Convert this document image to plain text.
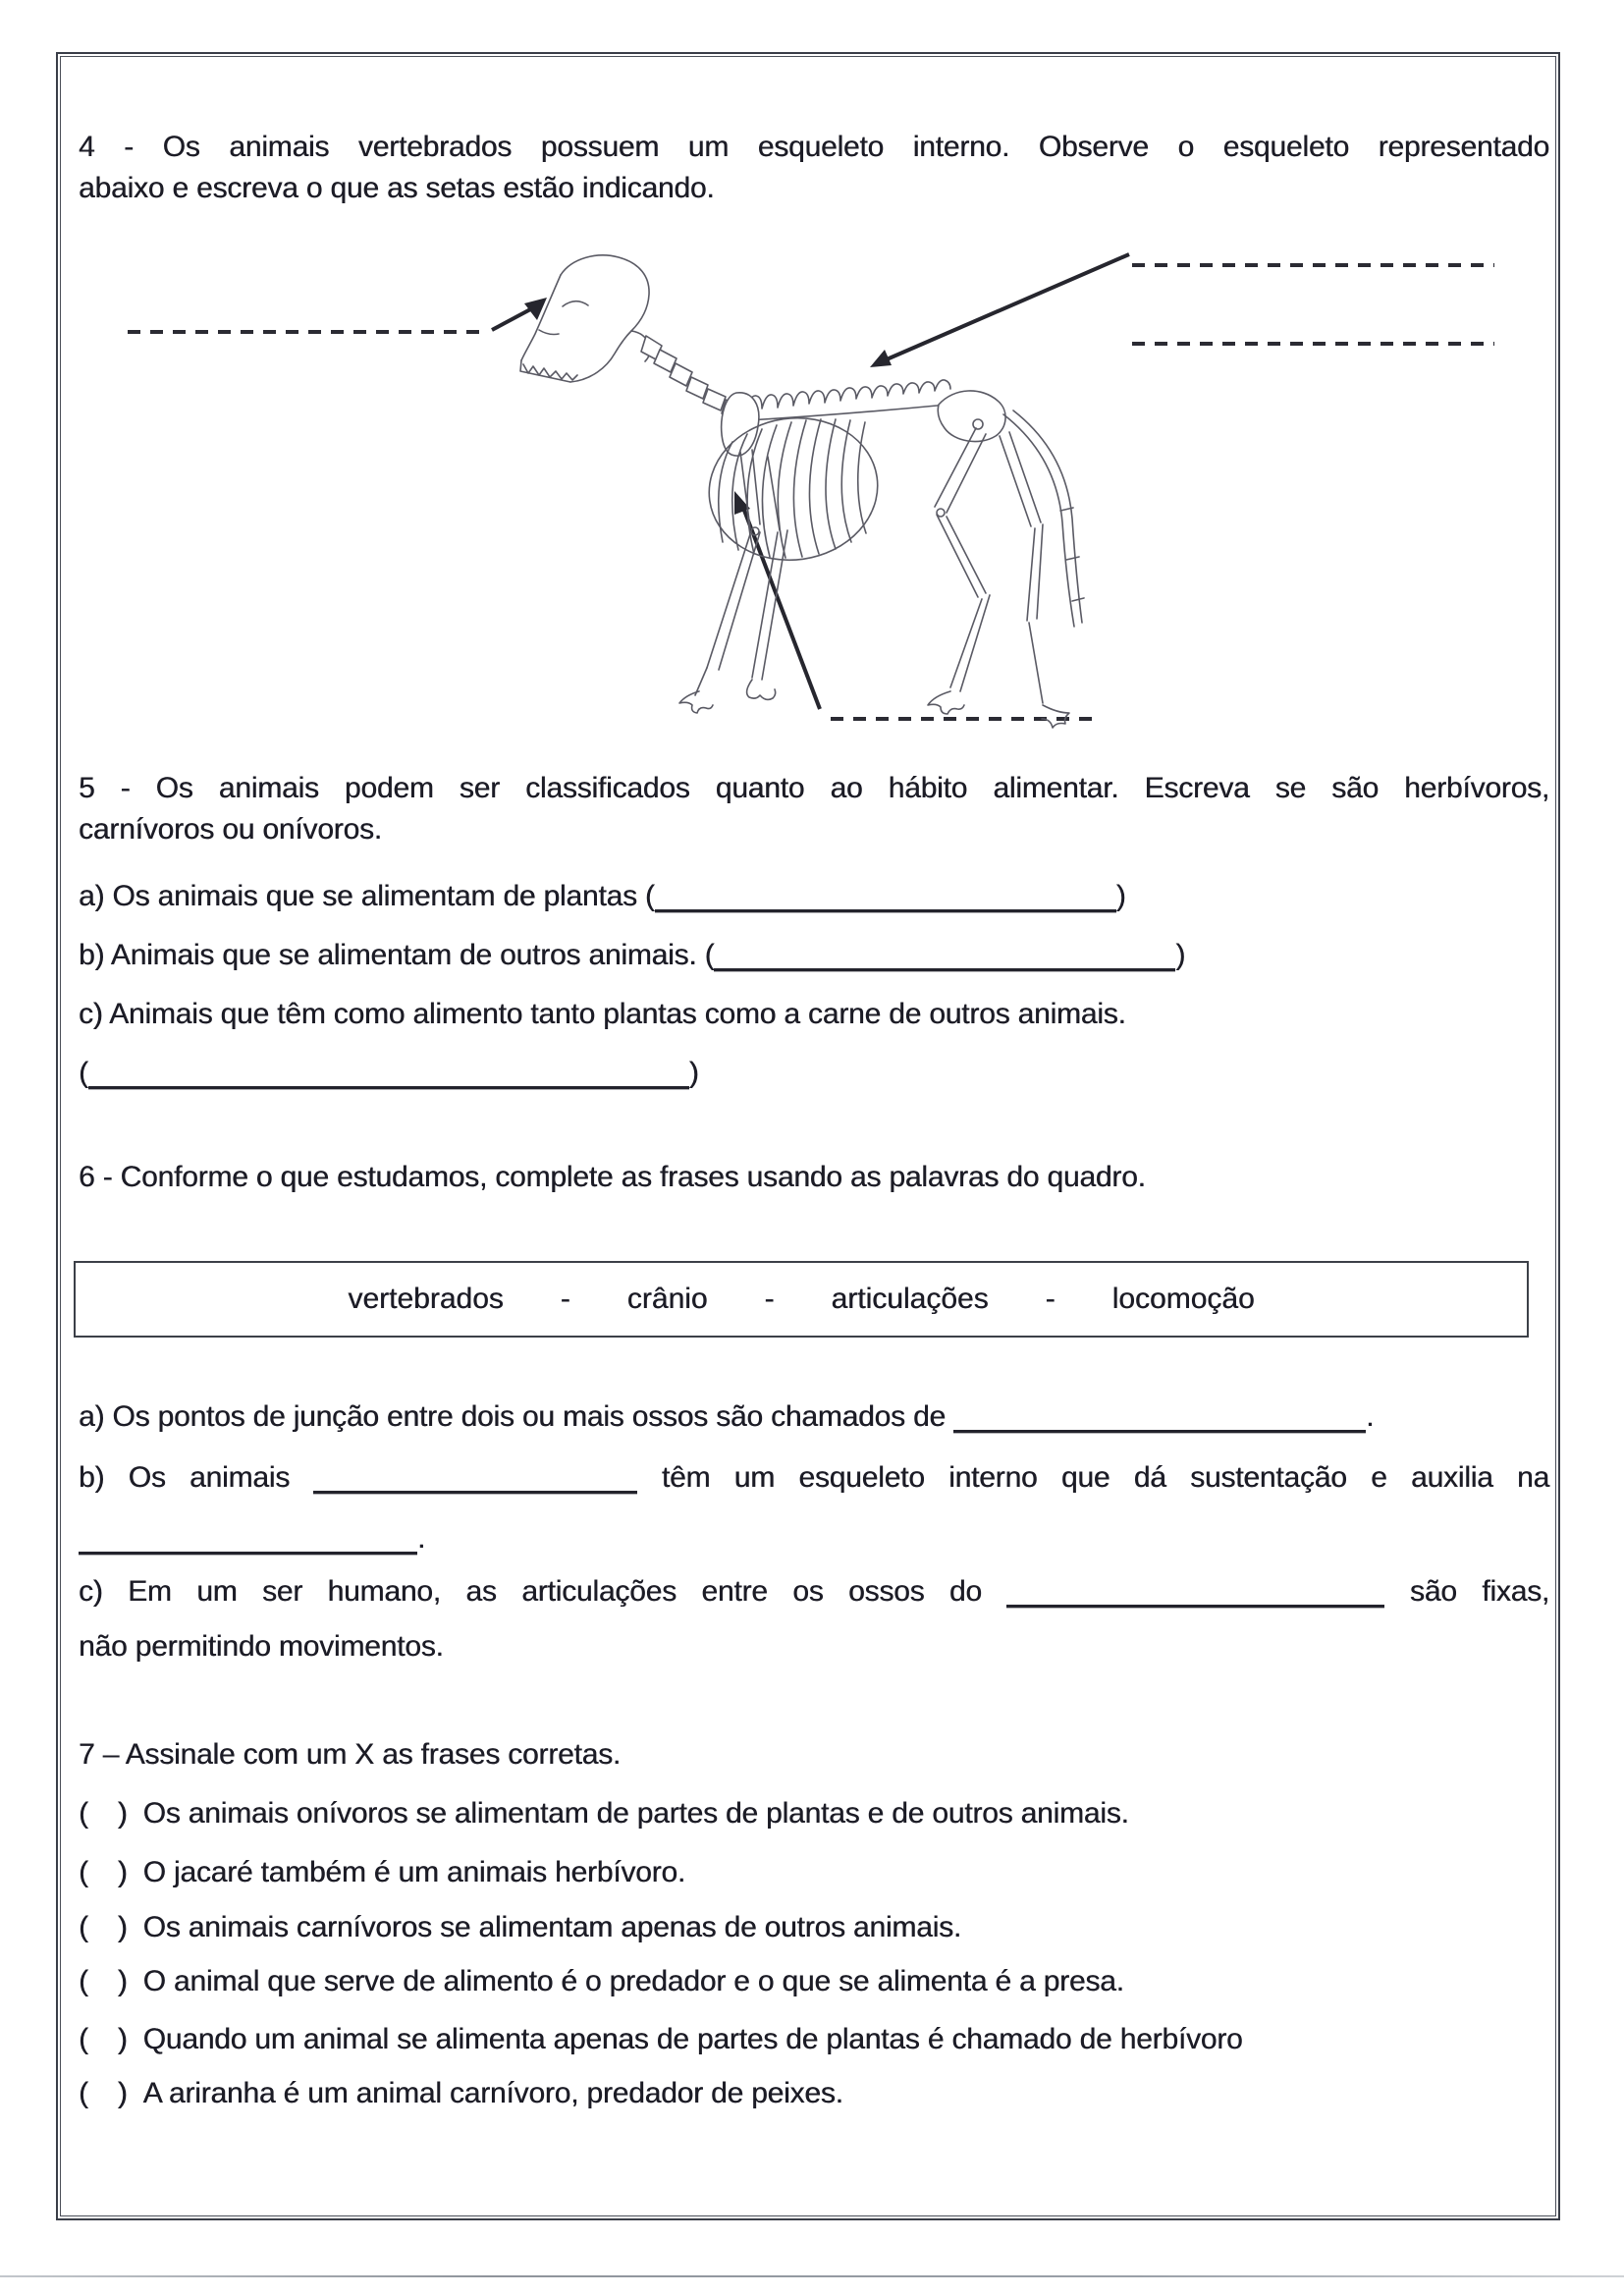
4 - Os animais vertebrados possuem um esqueleto interno. Observe o esqueleto representado
abaixo e escreva o que as setas estão indicando.
5 - Os animais podem ser classificados quanto ao hábito alimentar. Escreva se são herbívoros,
carnívoros ou onívoros.
a) Os animais que se alimentam de plantas (	)
b) Animais que se alimentam de outros animais. (	)
c) Animais que têm como alimento tanto plantas como a carne de outros animais.
(	)
6 - Conforme o que estudamos, complete as frases usando as palavras do quadro.
vertebrados - crânio - articulações - locomoção
a) Os pontos de junção entre dois ou mais ossos são chamados de	.
b) Os animais	têm um esqueleto interno que dá sustentação e auxilia na
.
c) Em um ser humano, as articulações entre os ossos do	são fixas,
não permitindo movimentos.
7 – Assinale com um X as frases corretas.
( ) Os animais onívoros se alimentam de partes de plantas e de outros animais.
( ) O jacaré também é um animais herbívoro.
( ) Os animais carnívoros se alimentam apenas de outros animais.
( ) O animal que serve de alimento é o predador e o que se alimenta é a presa.
( ) Quando um animal se alimenta apenas de partes de plantas é chamado de herbívoro
( ) A ariranha é um animal carnívoro, predador de peixes.
